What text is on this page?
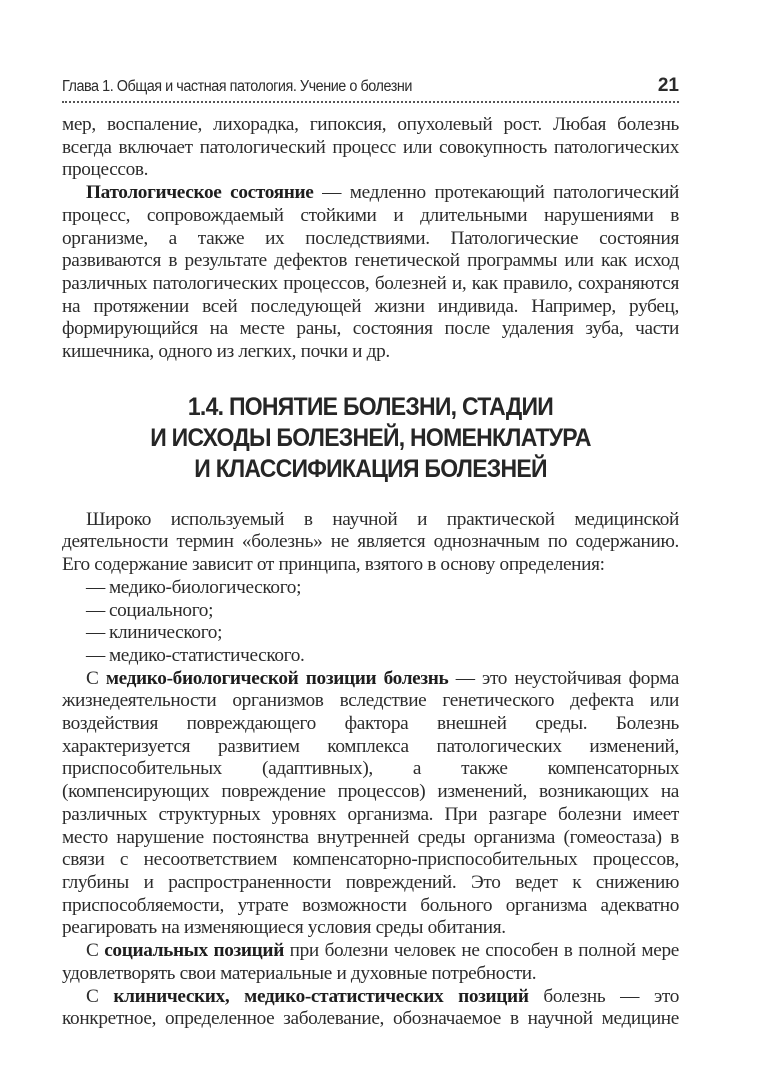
Глава 1. Общая и частная патология. Учение о болезни	21

мер, воспаление, лихорадка, гипоксия, опухолевый рост. Любая болезнь всегда включает патологический процесс или совокупность патологических процессов.

Патологическое состояние — медленно протекающий патологический процесс, сопровождаемый стойкими и длительными нарушениями в организме, а также их последствиями. Патологические состояния развиваются в результате дефектов генетической программы или как исход различных патологических процессов, болезней и, как правило, сохраняются на протяжении всей последующей жизни индивида. Например, рубец, формирующийся на месте раны, состояния после удаления зуба, части кишечника, одного из легких, почки и др.

1.4. ПОНЯТИЕ БОЛЕЗНИ, СТАДИИ
И ИСХОДЫ БОЛЕЗНЕЙ, НОМЕНКЛАТУРА
И КЛАССИФИКАЦИЯ БОЛЕЗНЕЙ

Широко используемый в научной и практической медицинской деятельности термин «болезнь» не является однозначным по содержанию. Его содержание зависит от принципа, взятого в основу определения:

— медико-биологического;

— социального;

— клинического;

— медико-статистического.

С медико-биологической позиции болезнь — это неустойчивая форма жизнедеятельности организмов вследствие генетического дефекта или воздействия повреждающего фактора внешней среды. Болезнь характеризуется развитием комплекса патологических изменений, приспособительных (адаптивных), а также компенсаторных (компенсирующих повреждение процессов) изменений, возникающих на различных структурных уровнях организма. При разгаре болезни имеет место нарушение постоянства внутренней среды организма (гомеостаза) в связи с несоответствием компенсаторно-приспособительных процессов, глубины и распространенности повреждений. Это ведет к снижению приспособляемости, утрате возможности больного организма адекватно реагировать на изменяющиеся условия среды обитания.

С социальных позиций при болезни человек не способен в полной мере удовлетворять свои материальные и духовные потребности.

С клинических, медико-статистических позиций болезнь — это конкретное, определенное заболевание, обозначаемое в научной медицине
